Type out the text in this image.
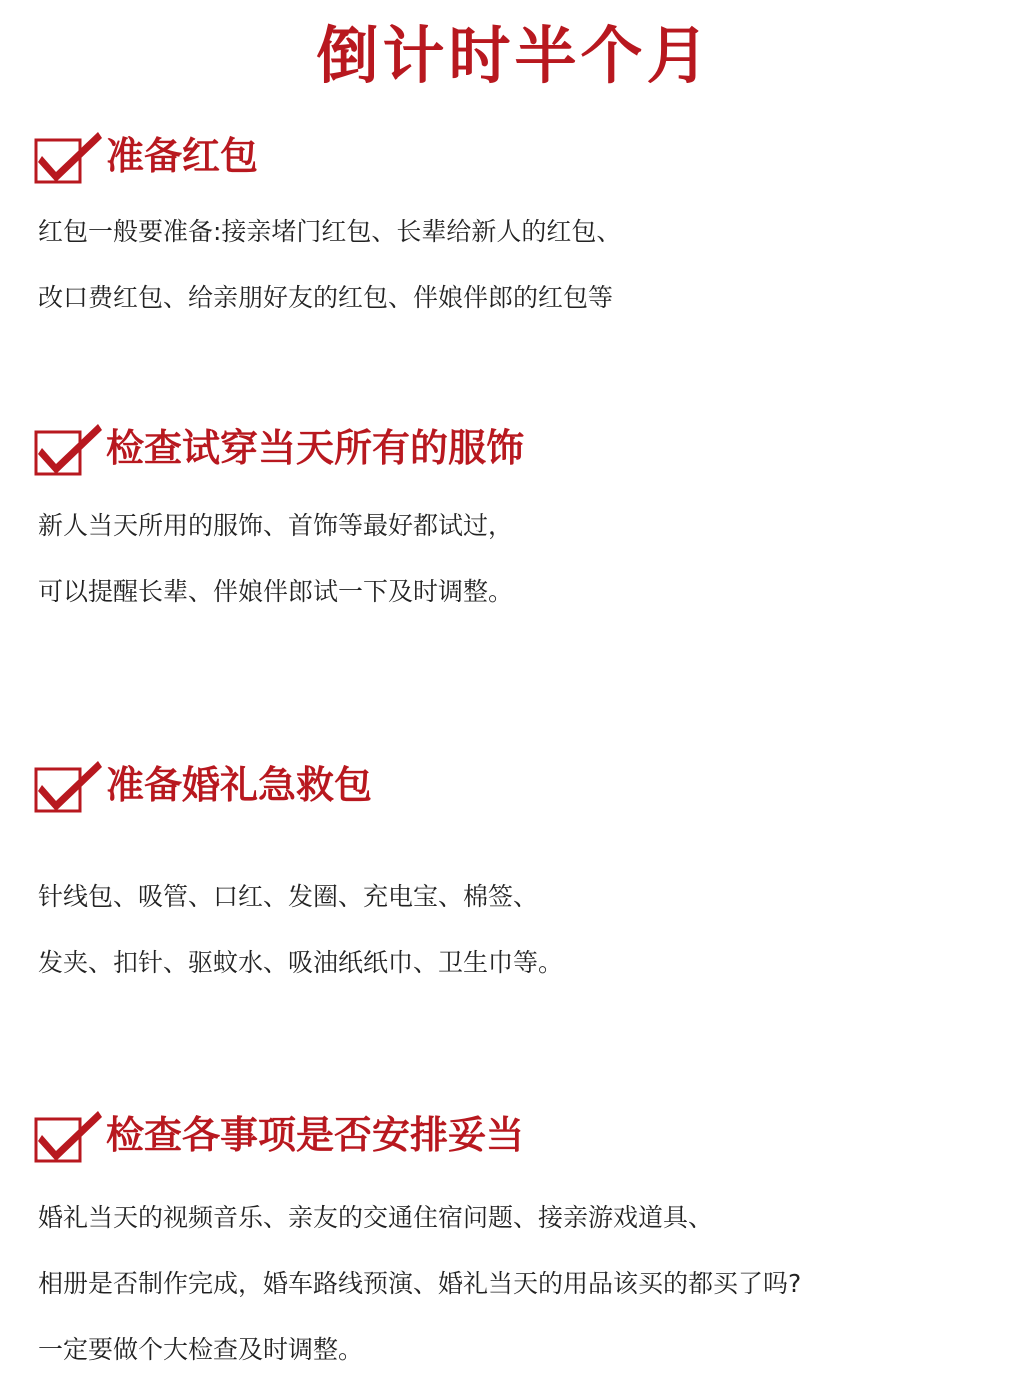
倒计时半个月
准备红包
红包一般要准备:接亲堵门红包、长辈给新人的红包、
改口费红包、给亲朋好友的红包、伴娘伴郎的红包等
检查试穿当天所有的服饰
新人当天所用的服饰、首饰等最好都试过，
可以提醒长辈、伴娘伴郎试一下及时调整。
准备婚礼急救包
针线包、吸管、口红、发圈、充电宝、棉签、
发夹、扣针、驱蚊水、吸油纸纸巾、卫生巾等。
检查各事项是否安排妥当
婚礼当天的视频音乐、亲友的交通住宿问题、接亲游戏道具、
相册是否制作完成，婚车路线预演、婚礼当天的用品该买的都买了吗?
一定要做个大检查及时调整。
